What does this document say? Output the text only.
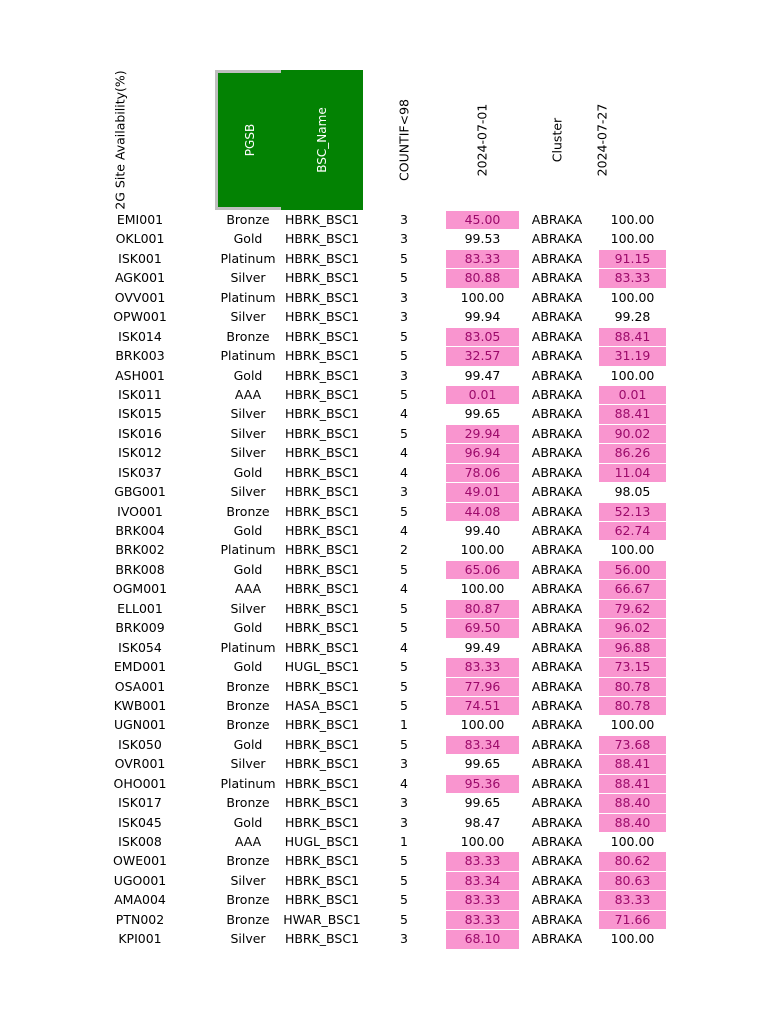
2G Site Availability(%)	PGSB	BSC_Name	COUNTIF<98	2024-07-01	Cluster 2024-07-27
EMI001	Bronze	HBRK_BSC1	3	45.00	ABRAKA	100.00
OKL001	Gold	HBRK_BSC1	3	99.53	ABRAKA	100.00
ISK001	Platinum HBRK_BSC1	5	83.33	ABRAKA	91.15
AGK001	Silver	HBRK_BSC1	5	80.88	ABRAKA	83.33
OVV001	Platinum HBRK_BSC1	3	100.00	ABRAKA	100.00
OPW001	Silver	HBRK_BSC1	3	99.94	ABRAKA	99.28
ISK014	Bronze	HBRK_BSC1	5	83.05	ABRAKA	88.41
BRK003	Platinum HBRK_BSC1	5	32.57	ABRAKA	31.19
ASH001	Gold	HBRK_BSC1	3	99.47	ABRAKA	100.00
ISK011	AAA	HBRK_BSC1	5	0.01	ABRAKA	0.01
ISK015	Silver	HBRK_BSC1	4	99.65	ABRAKA	88.41
ISK016	Silver	HBRK_BSC1	5	29.94	ABRAKA	90.02
ISK012	Silver	HBRK_BSC1	4	96.94	ABRAKA	86.26
ISK037	Gold	HBRK_BSC1	4	78.06	ABRAKA	11.04
GBG001	Silver	HBRK_BSC1	3	49.01	ABRAKA	98.05
IVO001	Bronze	HBRK_BSC1	5	44.08	ABRAKA	52.13
BRK004	Gold	HBRK_BSC1	4	99.40	ABRAKA	62.74
BRK002	Platinum HBRK_BSC1	2	100.00	ABRAKA	100.00
BRK008	Gold	HBRK_BSC1	5	65.06	ABRAKA	56.00
OGM001	AAA	HBRK_BSC1	4	100.00	ABRAKA	66.67
ELL001	Silver	HBRK_BSC1	5	80.87	ABRAKA	79.62
BRK009	Gold	HBRK_BSC1	5	69.50	ABRAKA	96.02
ISK054	Platinum HBRK_BSC1	4	99.49	ABRAKA	96.88
EMD001	Gold	HUGL_BSC1	5	83.33	ABRAKA	73.15
OSA001	Bronze	HBRK_BSC1	5	77.96	ABRAKA	80.78
KWB001	Bronze	HASA_BSC1	5	74.51	ABRAKA	80.78
UGN001	Bronze	HBRK_BSC1	1	100.00	ABRAKA	100.00
ISK050	Gold	HBRK_BSC1	5	83.34	ABRAKA	73.68
OVR001	Silver	HBRK_BSC1	3	99.65	ABRAKA	88.41
OHO001	Platinum HBRK_BSC1	4	95.36	ABRAKA	88.41
ISK017	Bronze	HBRK_BSC1	3	99.65	ABRAKA	88.40
ISK045	Gold	HBRK_BSC1	3	98.47	ABRAKA	88.40
ISK008	AAA	HUGL_BSC1	1	100.00	ABRAKA	100.00
OWE001	Bronze	HBRK_BSC1	5	83.33	ABRAKA	80.62
UGO001	Silver	HBRK_BSC1	5	83.34	ABRAKA	80.63
AMA004	Bronze	HBRK_BSC1	5	83.33	ABRAKA	83.33
PTN002	Bronze	HWAR_BSC1	5	83.33	ABRAKA	71.66
KPI001	Silver	HBRK_BSC1	3	68.10	ABRAKA	100.00
